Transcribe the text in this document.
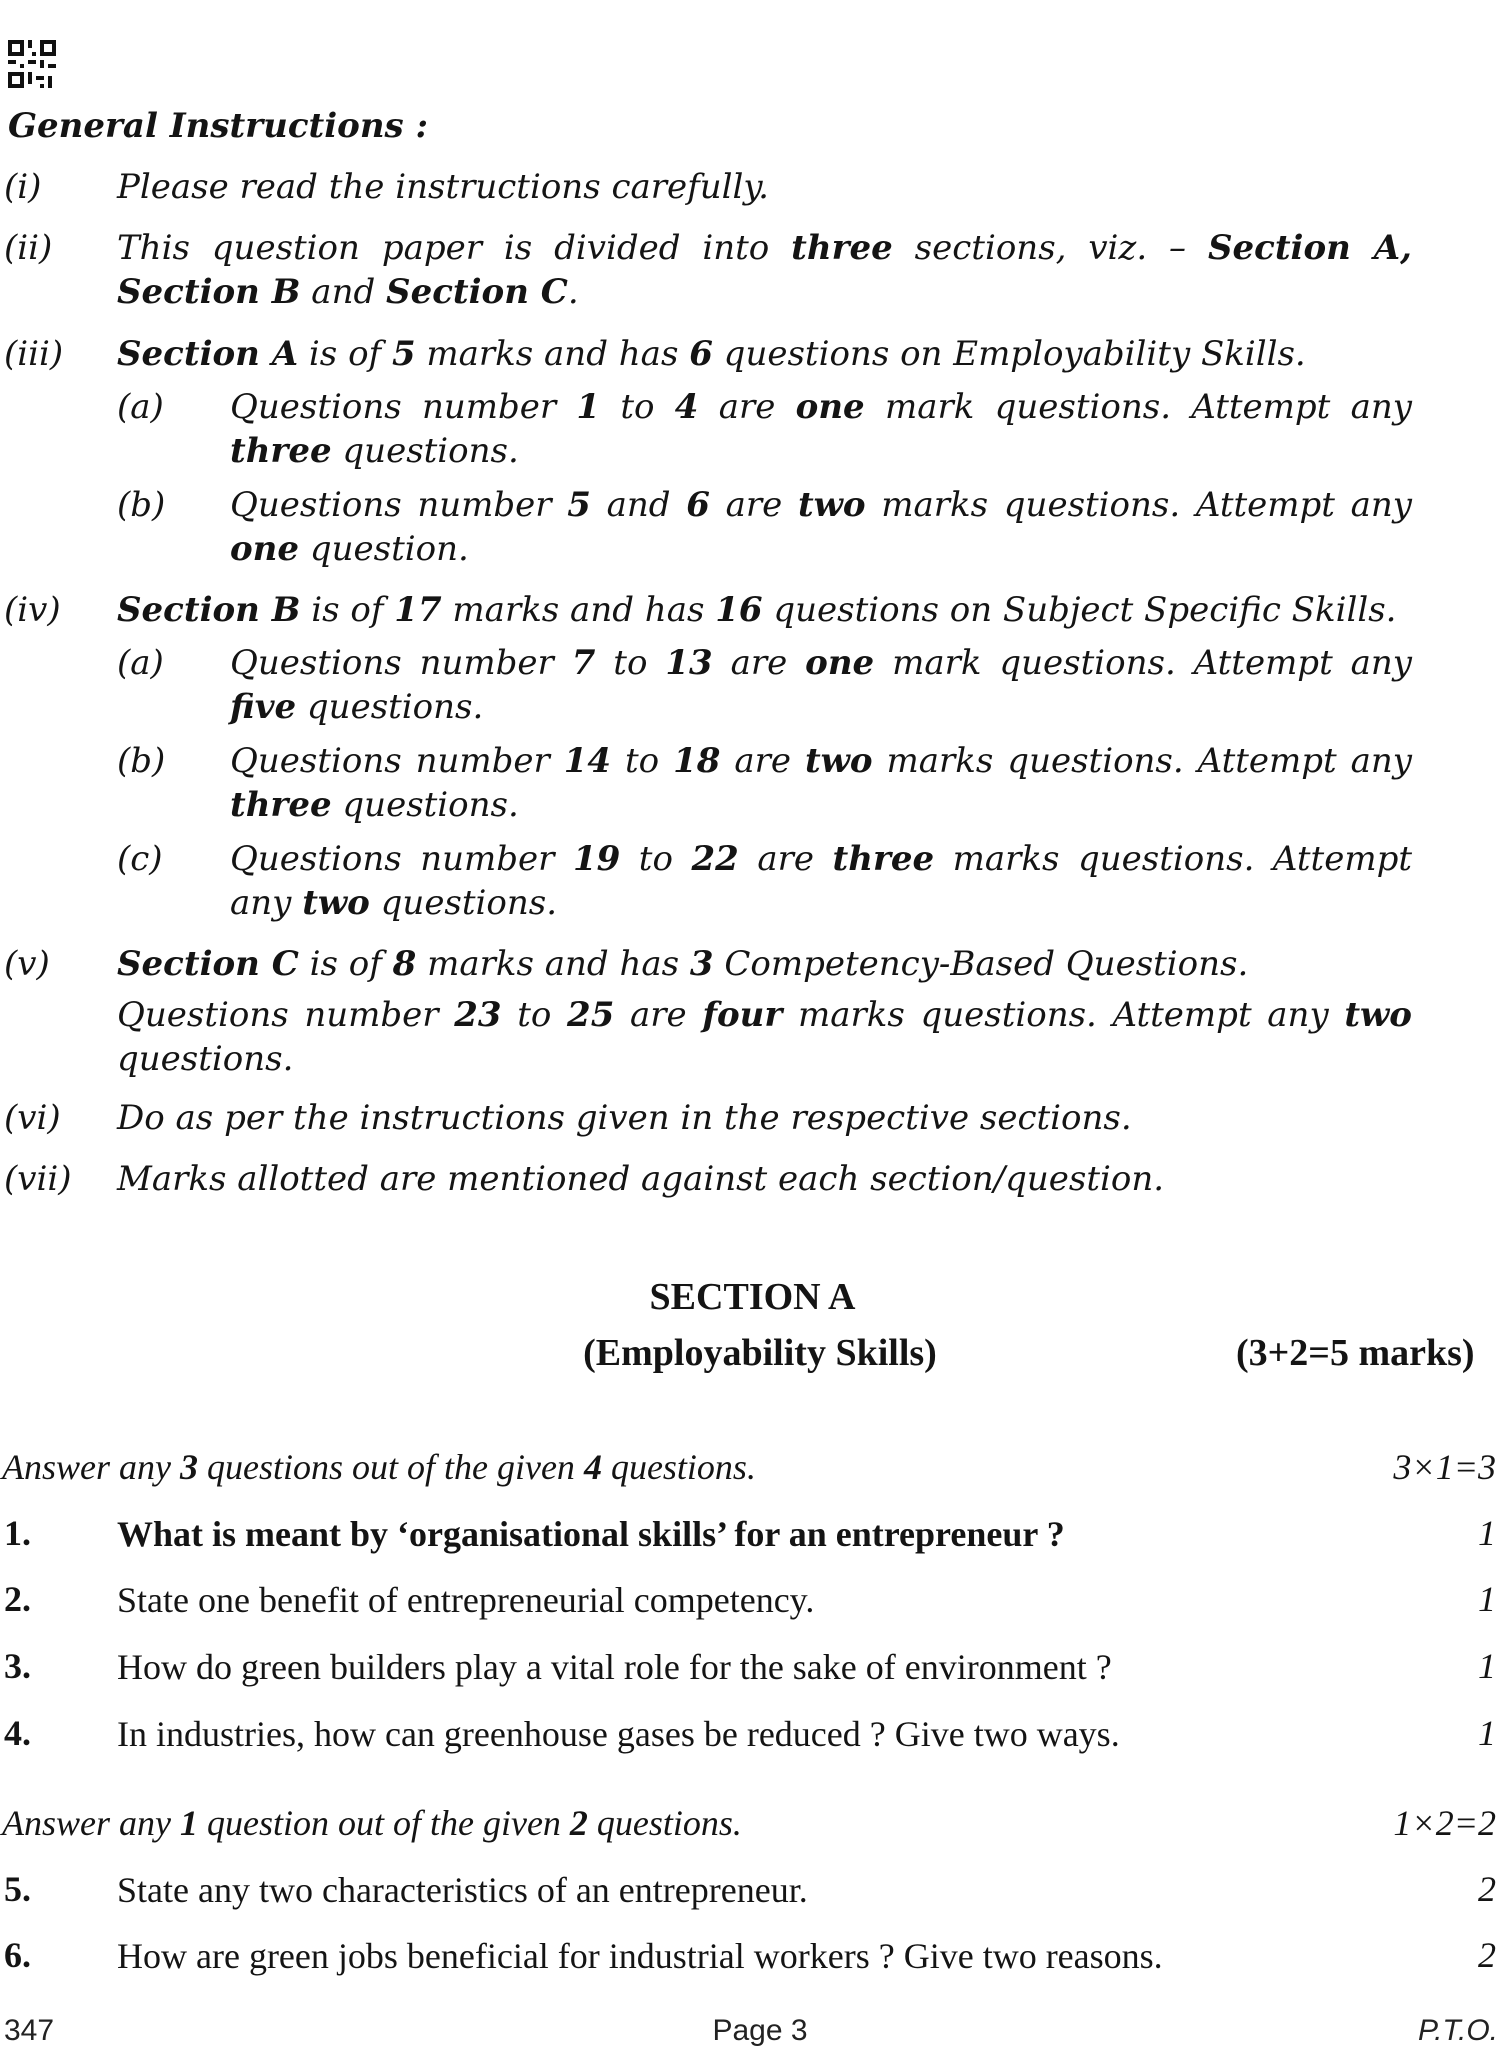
General Instructions :
(i) Please read the instructions carefully.
(ii) This question paper is divided into three sections, viz. – Section A, Section B and Section C.
(iii) Section A is of 5 marks and has 6 questions on Employability Skills.
(a) Questions number 1 to 4 are one mark questions. Attempt any three questions.
(b) Questions number 5 and 6 are two marks questions. Attempt any one question.
(iv) Section B is of 17 marks and has 16 questions on Subject Specific Skills.
(a) Questions number 7 to 13 are one mark questions. Attempt any five questions.
(b) Questions number 14 to 18 are two marks questions. Attempt any three questions.
(c) Questions number 19 to 22 are three marks questions. Attempt any two questions.
(v) Section C is of 8 marks and has 3 Competency-Based Questions.
Questions number 23 to 25 are four marks questions. Attempt any two questions.
(vi) Do as per the instructions given in the respective sections.
(vii) Marks allotted are mentioned against each section/question.
SECTION A
(Employability Skills)	(3+2=5 marks)
Answer any 3 questions out of the given 4 questions.	3×1=3
1. What is meant by ‘organisational skills’ for an entrepreneur ?	1
2. State one benefit of entrepreneurial competency.	1
3. How do green builders play a vital role for the sake of environment ?	1
4. In industries, how can greenhouse gases be reduced ? Give two ways.	1
Answer any 1 question out of the given 2 questions.	1×2=2
5. State any two characteristics of an entrepreneur.	2
6. How are green jobs beneficial for industrial workers ? Give two reasons.	2
347	Page 3	P.T.O.
